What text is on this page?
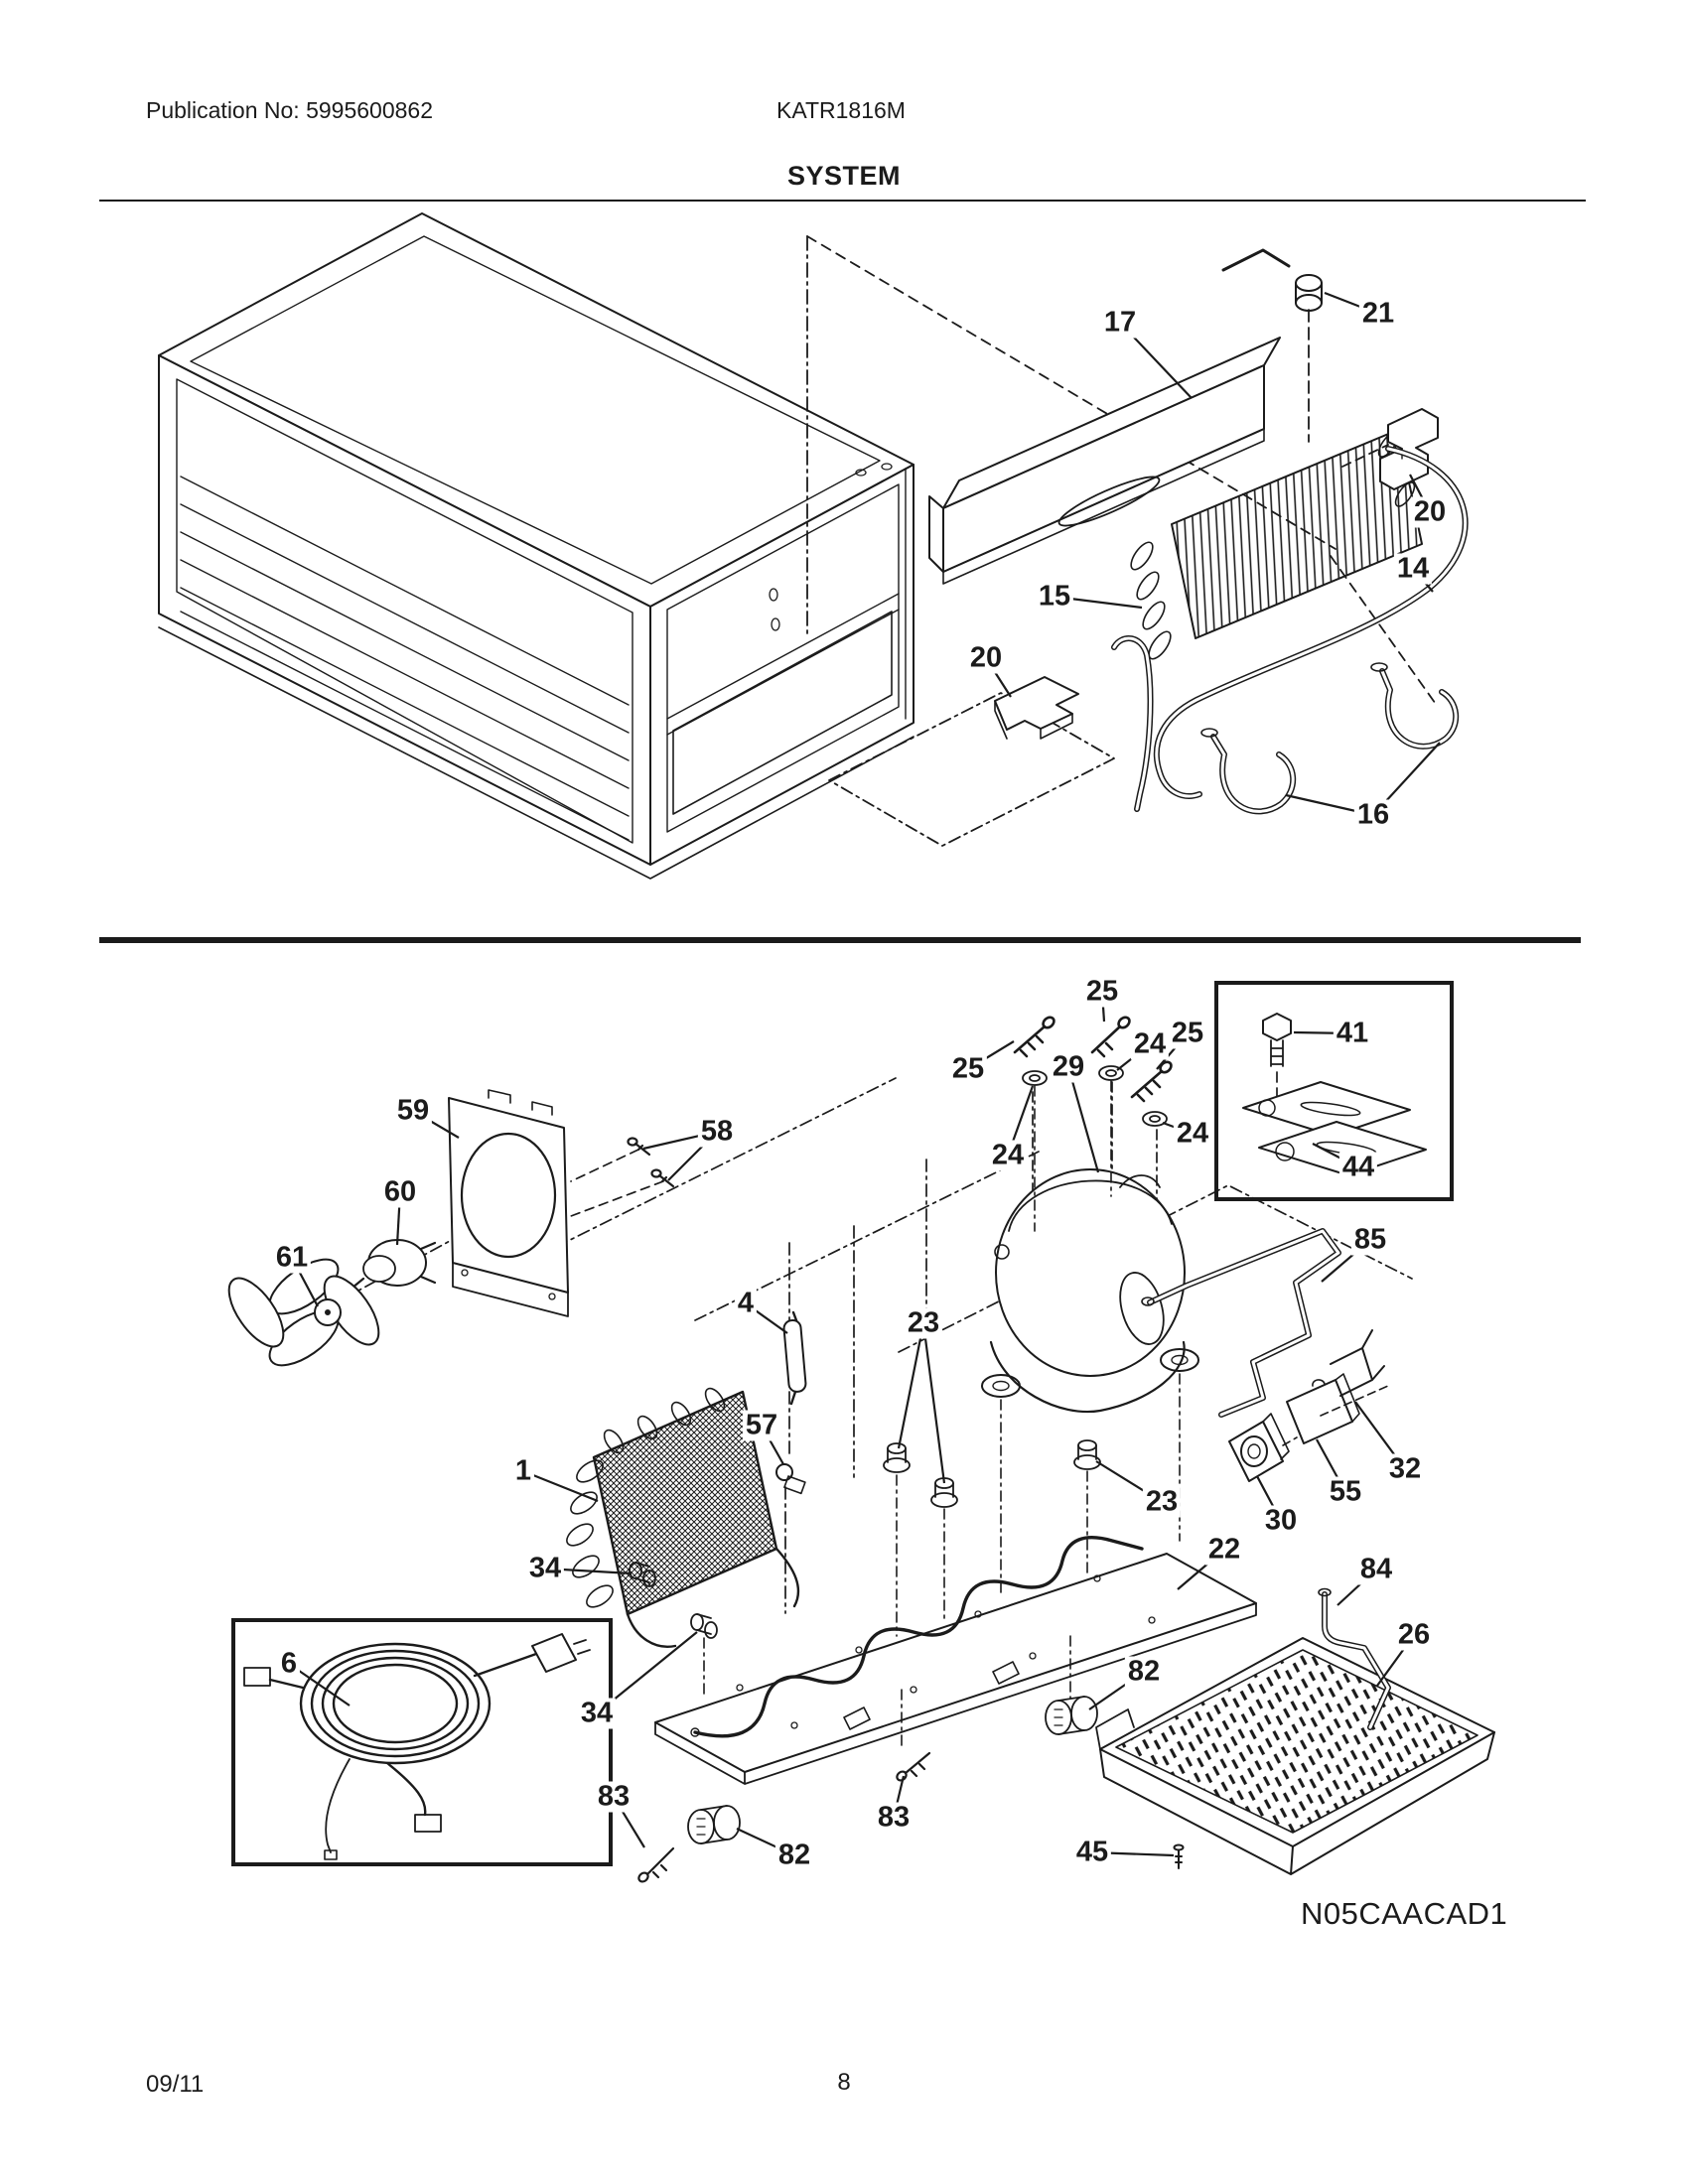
Publication No: 5995600862	KATR1816M
SYSTEM
17	21
20
14
15
20
16
59
58
60
61
25
25
25
24
24
24
29
41
44
85
4
23
57
1
34
34
6
23
22
30
55
32
84
26
82
83
82
83
45
N05CAACAD1
09/11	8
